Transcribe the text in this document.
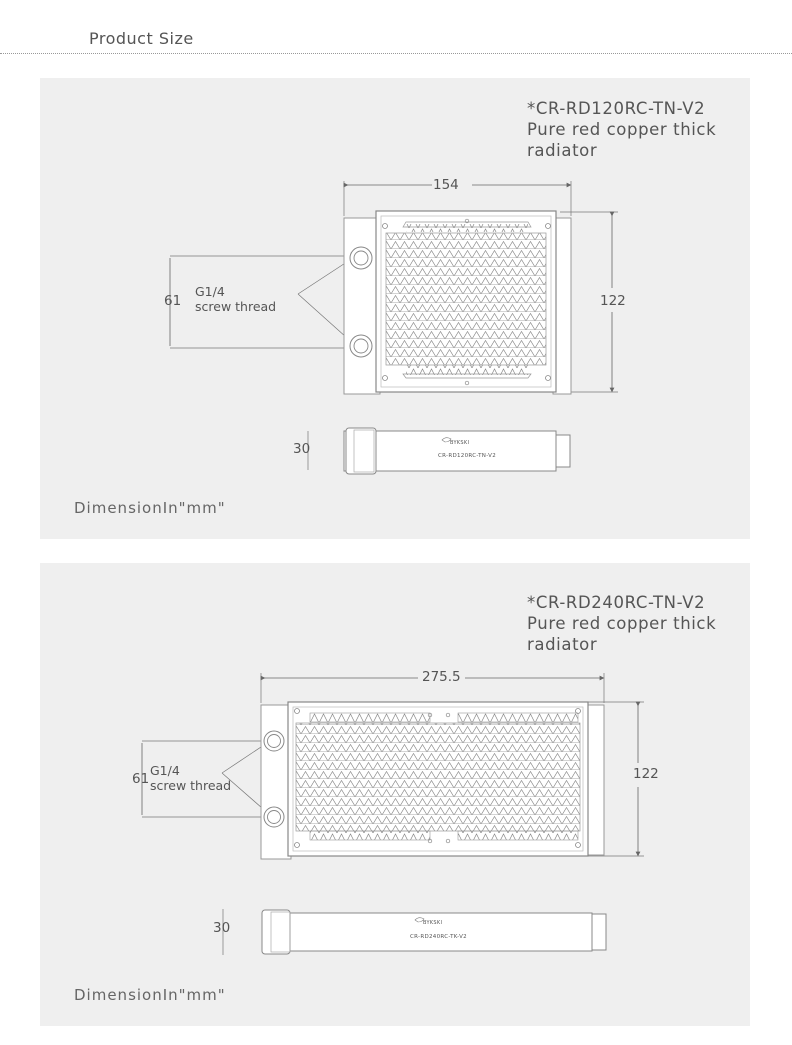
Product Size
*CR-RD120RC-TN-V2
Pure red copper thick
radiator
154
122
61
G1/4
screw thread
30	BYKSKI
CR-RD120RC-TN-V2
DimensionIn"mm"
*CR-RD240RC-TN-V2
Pure red copper thick
radiator
275.5
122
61
G1/4
screw thread
30	BYKSKI
CR-RD240RC-TK-V2
DimensionIn"mm"
